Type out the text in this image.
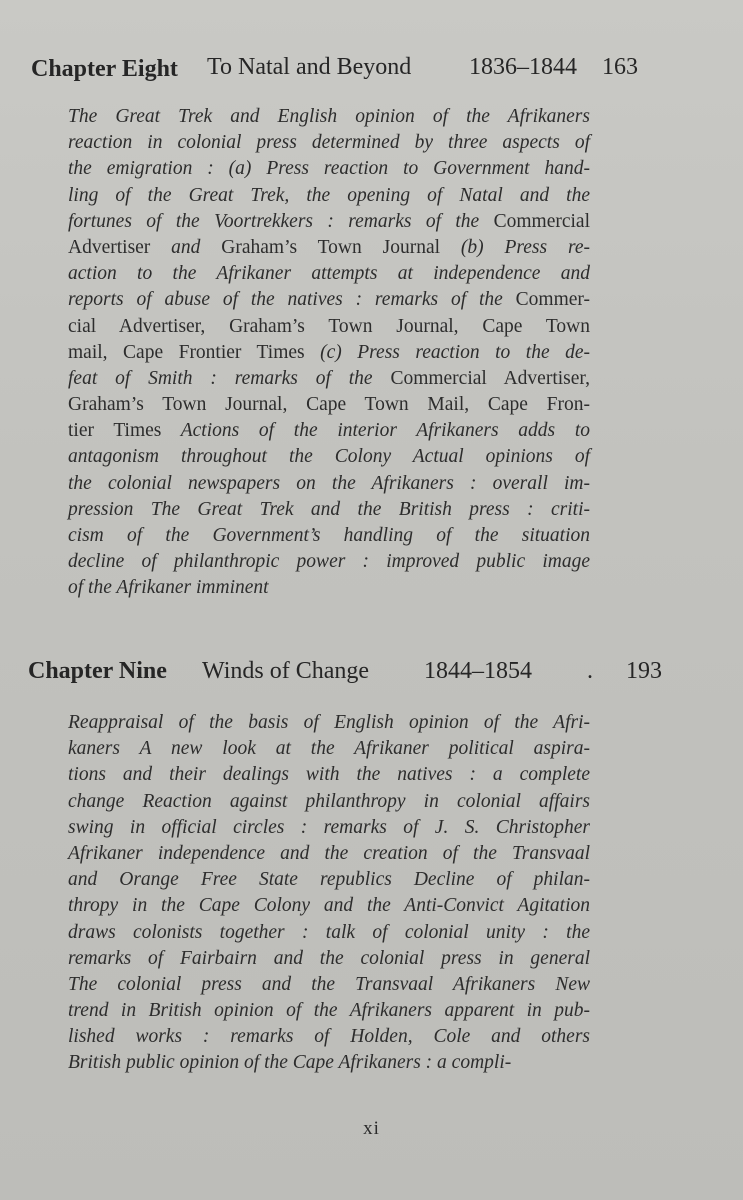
Chapter Eight To Natal and Beyond 1836–1844 163
The Great Trek and English opinion of the Afrikaners
reaction in colonial press determined by three aspects of
the emigration : (a) Press reaction to Government hand-
ling of the Great Trek, the opening of Natal and the
fortunes of the Voortrekkers : remarks of the Commercial
Advertiser and Graham’s Town Journal (b) Press re-
action to the Afrikaner attempts at independence and
reports of abuse of the natives : remarks of the Commer-
cial Advertiser, Graham’s Town Journal, Cape Town
mail, Cape Frontier Times (c) Press reaction to the de-
feat of Smith : remarks of the Commercial Advertiser,
Graham’s Town Journal, Cape Town Mail, Cape Fron-
tier Times Actions of the interior Afrikaners adds to
antagonism throughout the Colony Actual opinions of
the colonial newspapers on the Afrikaners : overall im-
pression The Great Trek and the British press : criti-
cism of the Government’s handling of the situation
decline of philanthropic power : improved public image
of the Afrikaner imminent
Chapter Nine Winds of Change 1844–1854 . 193
Reappraisal of the basis of English opinion of the Afri-
kaners A new look at the Afrikaner political aspira-
tions and their dealings with the natives : a complete
change Reaction against philanthropy in colonial affairs
swing in official circles : remarks of J. S. Christopher
Afrikaner independence and the creation of the Transvaal
and Orange Free State republics Decline of philan-
thropy in the Cape Colony and the Anti-Convict Agitation
draws colonists together : talk of colonial unity : the
remarks of Fairbairn and the colonial press in general
The colonial press and the Transvaal Afrikaners New
trend in British opinion of the Afrikaners apparent in pub-
lished works : remarks of Holden, Cole and others
British public opinion of the Cape Afrikaners : a compli-
xi
